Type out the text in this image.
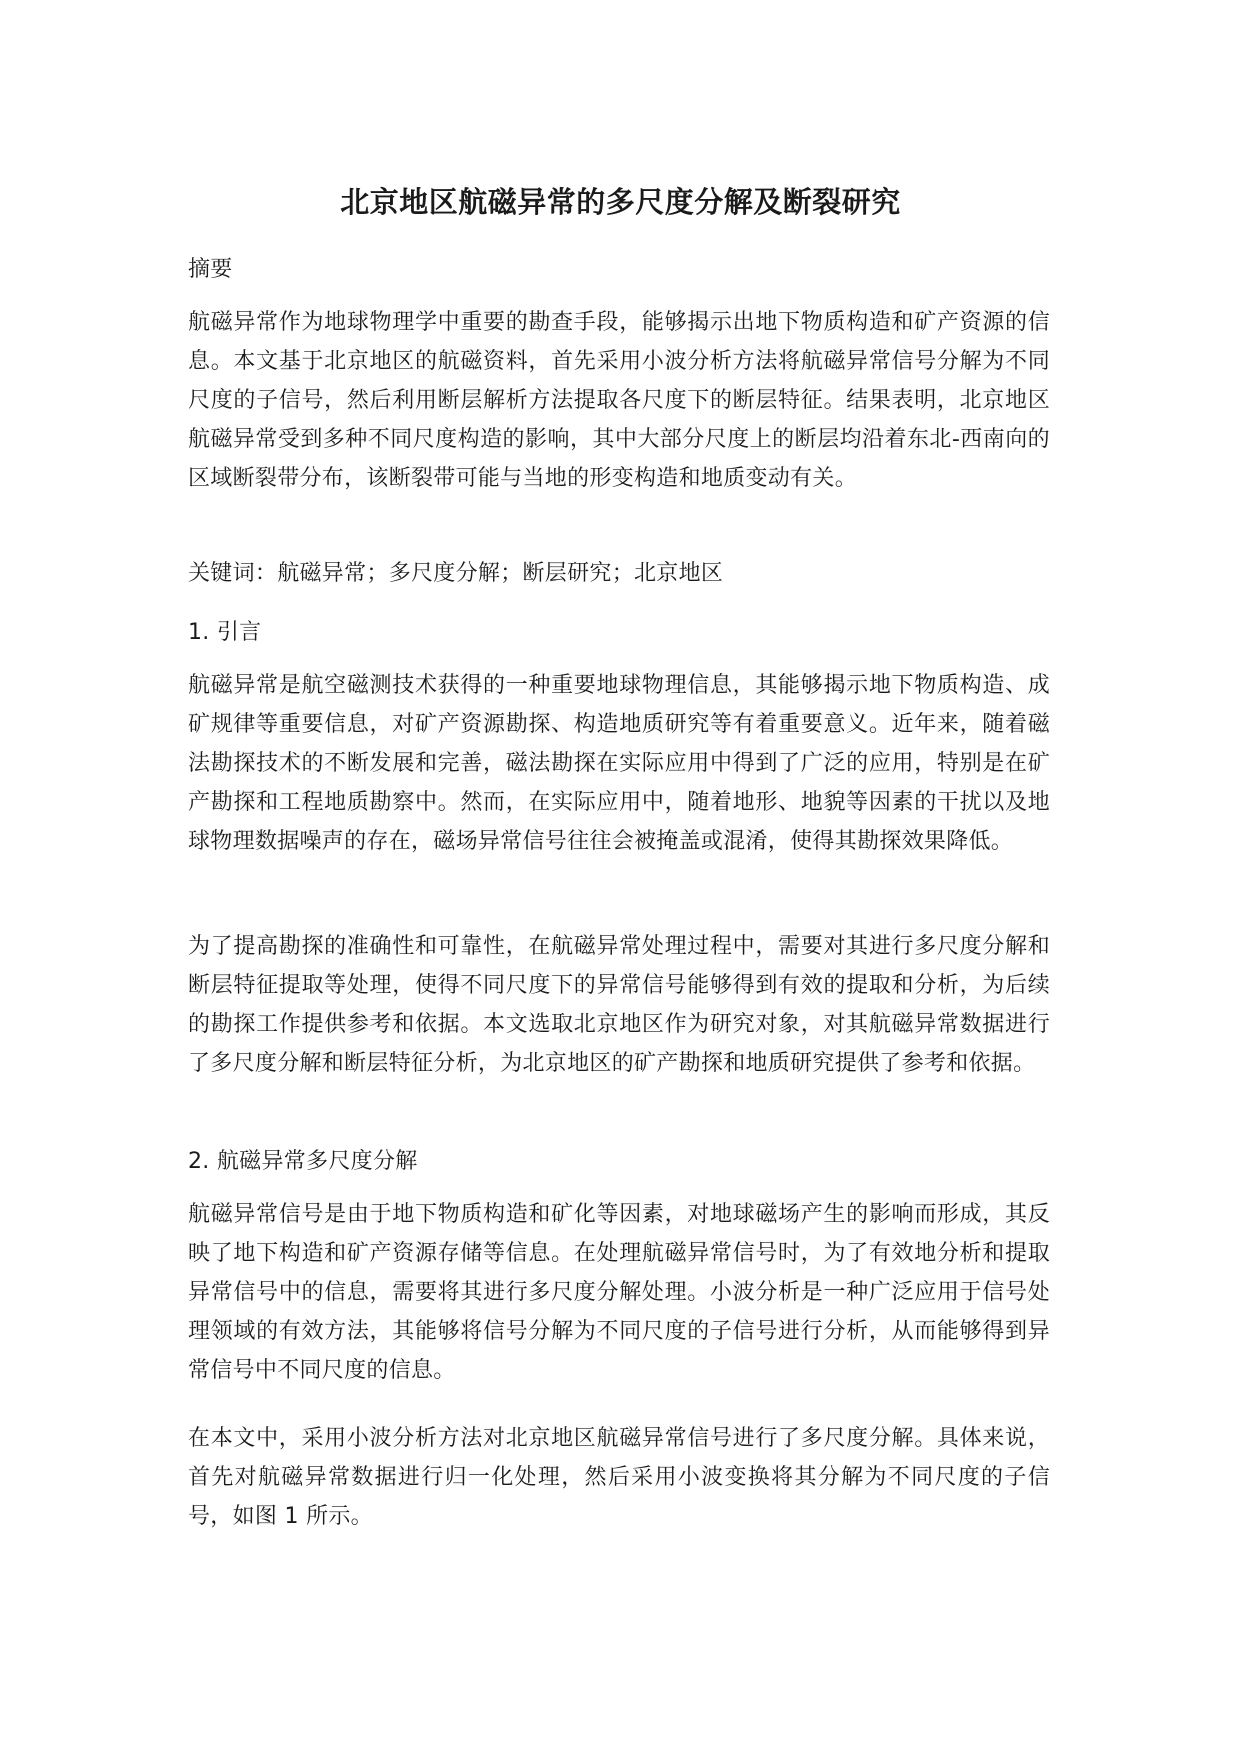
北京地区航磁异常的多尺度分解及断裂研究

摘要

航磁异常作为地球物理学中重要的勘查手段，能够揭示出地下物质构造和矿产资源的信息。本文基于北京地区的航磁资料，首先采用小波分析方法将航磁异常信号分解为不同尺度的子信号，然后利用断层解析方法提取各尺度下的断层特征。结果表明，北京地区航磁异常受到多种不同尺度构造的影响，其中大部分尺度上的断层均沿着东北-西南向的区域断裂带分布，该断裂带可能与当地的形变构造和地质变动有关。

关键词：航磁异常；多尺度分解；断层研究；北京地区

1. 引言

航磁异常是航空磁测技术获得的一种重要地球物理信息，其能够揭示地下物质构造、成矿规律等重要信息，对矿产资源勘探、构造地质研究等有着重要意义。近年来，随着磁法勘探技术的不断发展和完善，磁法勘探在实际应用中得到了广泛的应用，特别是在矿产勘探和工程地质勘察中。然而，在实际应用中，随着地形、地貌等因素的干扰以及地球物理数据噪声的存在，磁场异常信号往往会被掩盖或混淆，使得其勘探效果降低。

为了提高勘探的准确性和可靠性，在航磁异常处理过程中，需要对其进行多尺度分解和断层特征提取等处理，使得不同尺度下的异常信号能够得到有效的提取和分析，为后续的勘探工作提供参考和依据。本文选取北京地区作为研究对象，对其航磁异常数据进行了多尺度分解和断层特征分析，为北京地区的矿产勘探和地质研究提供了参考和依据。

2. 航磁异常多尺度分解

航磁异常信号是由于地下物质构造和矿化等因素，对地球磁场产生的影响而形成，其反映了地下构造和矿产资源存储等信息。在处理航磁异常信号时，为了有效地分析和提取异常信号中的信息，需要将其进行多尺度分解处理。小波分析是一种广泛应用于信号处理领域的有效方法，其能够将信号分解为不同尺度的子信号进行分析，从而能够得到异常信号中不同尺度的信息。

在本文中，采用小波分析方法对北京地区航磁异常信号进行了多尺度分解。具体来说，首先对航磁异常数据进行归一化处理，然后采用小波变换将其分解为不同尺度的子信号，如图 1 所示。
